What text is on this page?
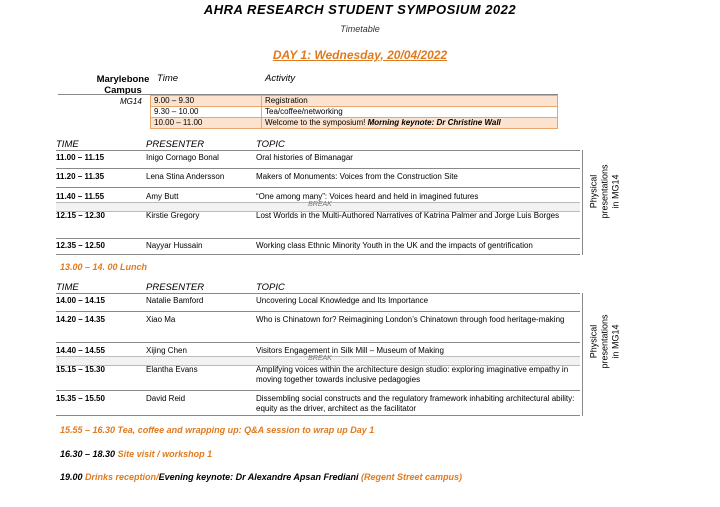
AHRA RESEARCH STUDENT SYMPOSIUM 2022
Timetable
DAY 1: Wednesday, 20/04/2022
Marylebone Campus
Time	Activity
MG14 9.00 – 9.30	Registration
9.30 – 10.00	Tea/coffee/networking
10.00 – 11.00	Welcome to the symposium! Morning keynote: Dr Christine Wall
TIME	PRESENTER	TOPIC
11.00 – 11.15	Inigo Cornago Bonal	Oral histories of Bimanagar
11.20 – 11.35	Lena Stina Andersson	Makers of Monuments: Voices from the Construction Site
11.40 – 11.55	Amy Butt	“One among many”: Voices heard and held in imagined futures
BREAK
12.15 – 12.30	Kirstie Gregory	Lost Worlds in the Multi-Authored Narratives of Katrina Palmer and Jorge Luis Borges
12.35 – 12.50	Nayyar Hussain	Working class Ethnic Minority Youth in the UK and the impacts of gentrification
Physical presentations in MG14
13.00 – 14. 00 Lunch
TIME	PRESENTER	TOPIC
14.00 – 14.15	Natalie Bamford	Uncovering Local Knowledge and Its Importance
14.20 – 14.35	Xiao Ma	Who is Chinatown for? Reimagining London’s Chinatown through food heritage-making
14.40 – 14.55	Xijing Chen	Visitors Engagement in Silk Mill – Museum of Making
BREAK
15.15 – 15.30	Elantha Evans	Amplifying voices within the architecture design studio: exploring imaginative empathy in moving together towards inclusive pedagogies
15.35 – 15.50	David Reid	Dissembling social constructs and the regulatory framework inhabiting architectural ability: equity as the driver, architect as the facilitator
Physical presentations in MG14
15.55 – 16.30 Tea, coffee and wrapping up: Q&A session to wrap up Day 1
16.30 – 18.30 Site visit / workshop 1
19.00 Drinks reception/Evening keynote: Dr Alexandre Apsan Frediani (Regent Street campus)
